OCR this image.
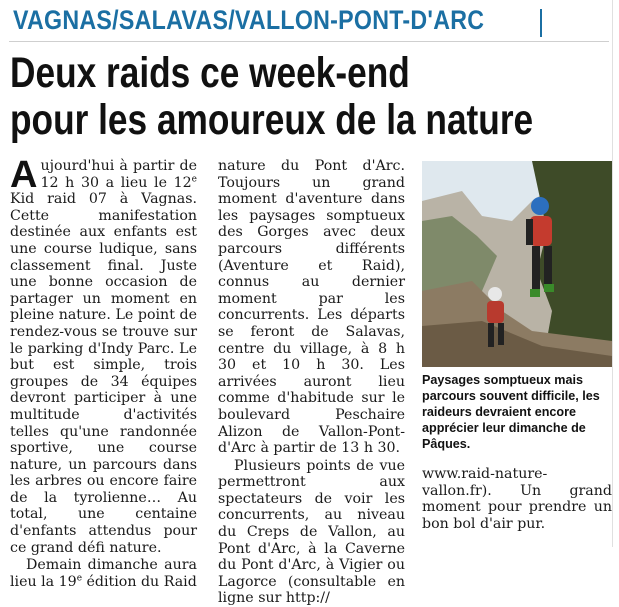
VAGNAS/SALAVAS/VALLON-PONT-D'ARC
Deux raids ce week-end
pour les amoureux de la nature

Aujourd'hui à partir de 12 h 30 a lieu le 12e Kid raid 07 à Vagnas. Cette manifestation destinée aux enfants est une course ludique, sans classement final. Juste une bonne occasion de partager un moment en pleine nature. Le point de rendez-vous se trouve sur le parking d'Indy Parc. Le but est simple, trois groupes de 34 équipes devront participer à une multitude d'activités telles qu'une randonnée sportive, une course nature, un parcours dans les arbres ou encore faire de la tyrolienne… Au total, une centaine d'enfants attendus pour ce grand défi nature.

Demain dimanche aura lieu la 19e édition du Raid

nature du Pont d'Arc. Toujours un grand moment d'aventure dans les paysages somptueux des Gorges avec deux parcours différents (Aventure et Raid), connus au dernier moment par les concurrents. Les départs se feront de Salavas, centre du village, à 8 h 30 et 10 h 30. Les arrivées auront lieu comme d'habitude sur le boulevard Peschaire Alizon de Vallon-Pont-d'Arc à partir de 13 h 30.

Plusieurs points de vue permettront aux spectateurs de voir les concurrents, au niveau du Creps de Vallon, au Pont d'Arc, à la Caverne du Pont d'Arc, à Vigier ou Lagorce (consultable en ligne sur http://

Paysages somptueux mais parcours souvent difficile, les raideurs devraient encore apprécier leur dimanche de Pâques.

www.raid-nature-vallon.fr). Un grand moment pour prendre un bon bol d'air pur.
